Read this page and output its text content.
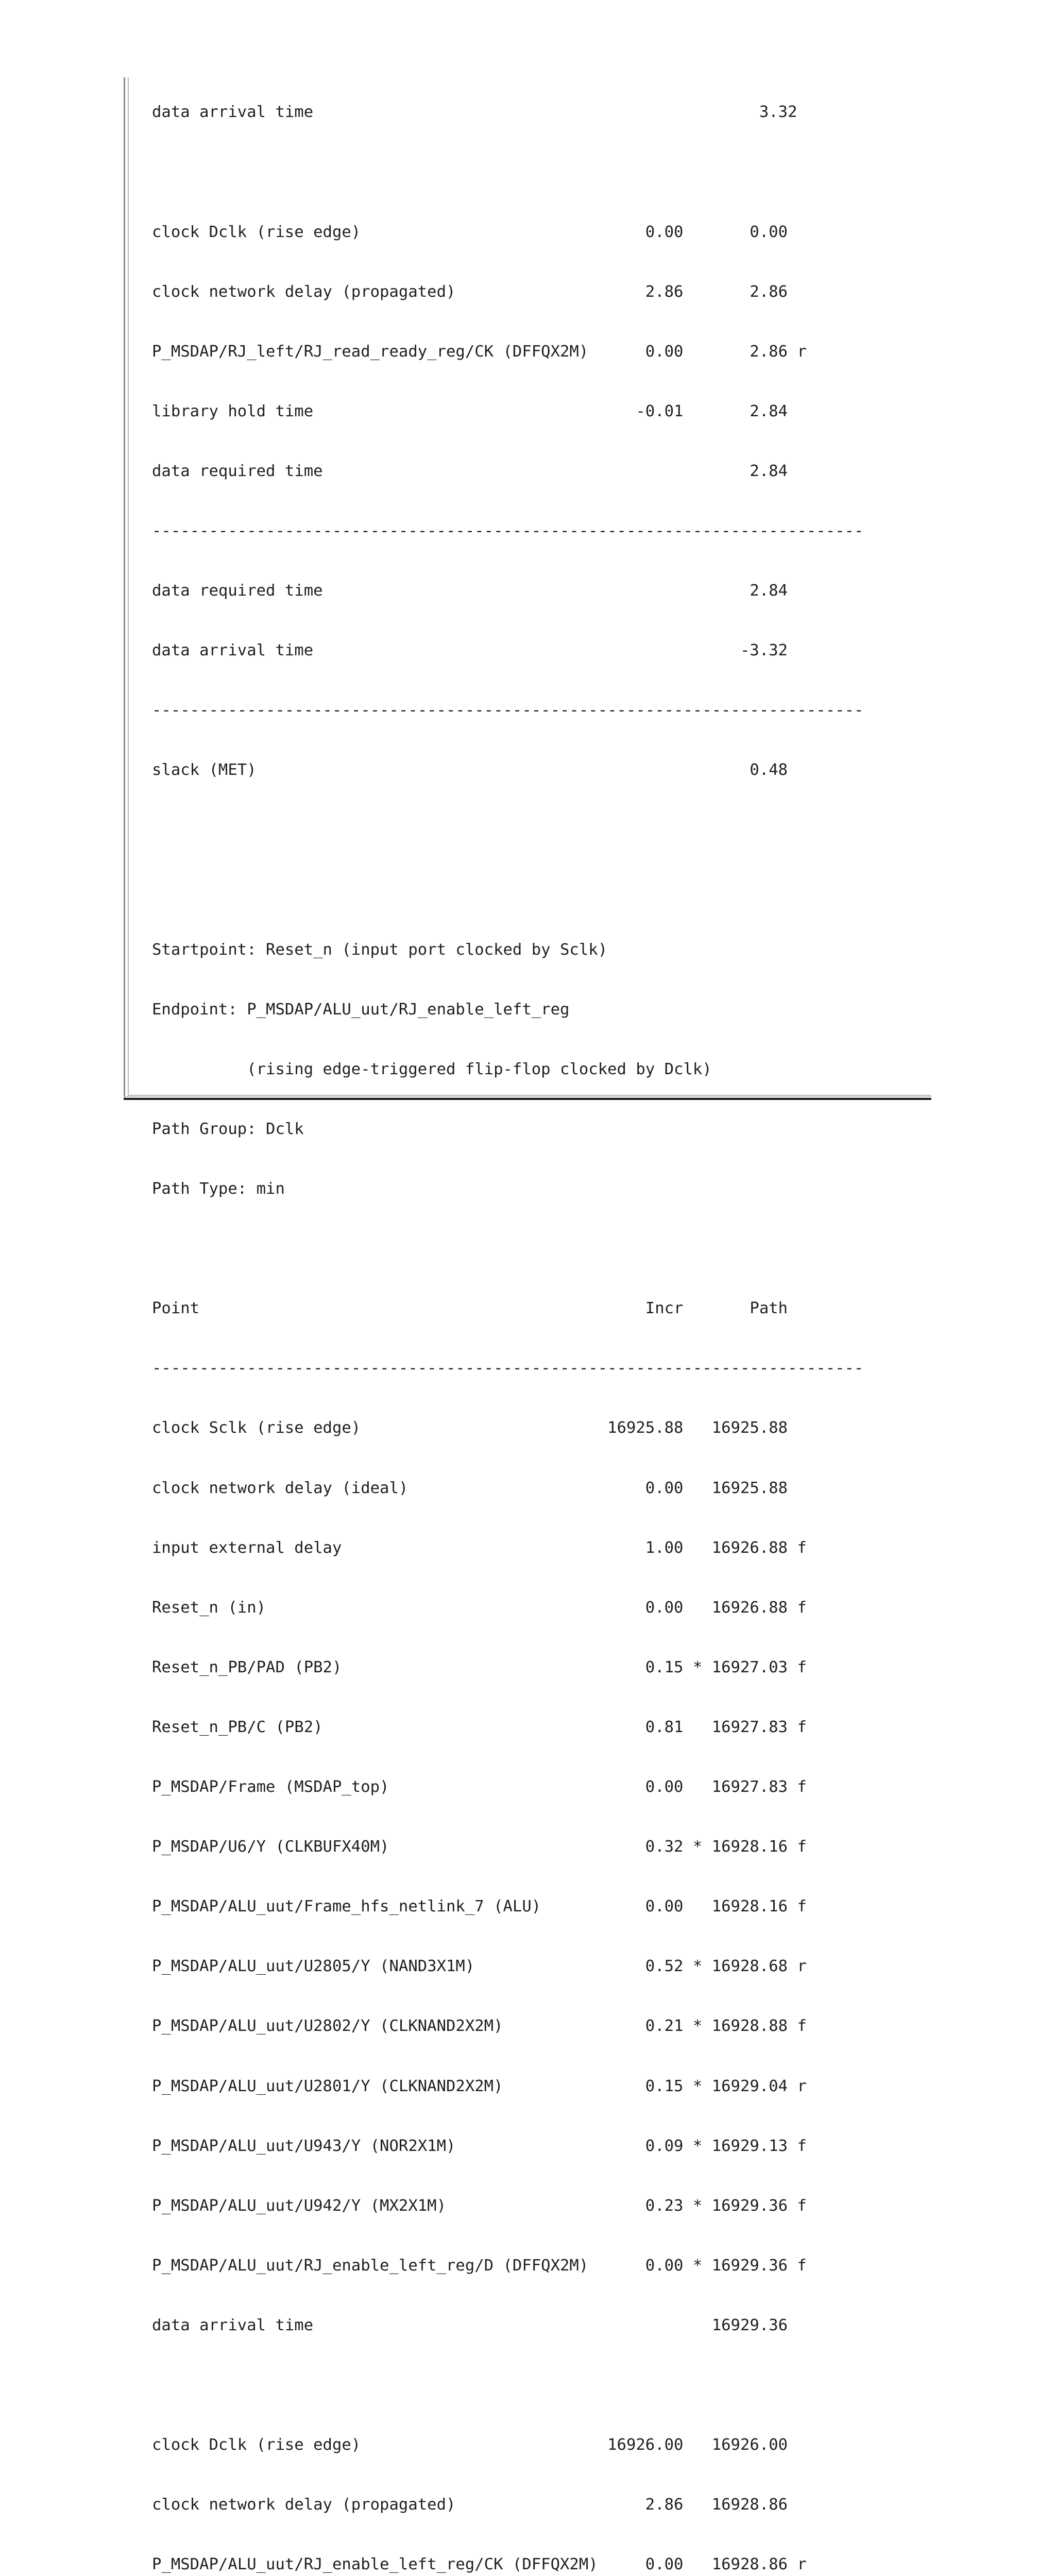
data arrival time                                               3.32

clock Dclk (rise edge)                              0.00       0.00

clock network delay (propagated)                    2.86       2.86

P_MSDAP/RJ_left/RJ_read_ready_reg/CK (DFFQX2M)      0.00       2.86 r

library hold time                                  -0.01       2.84

data required time                                             2.84

---------------------------------------------------------------------------

data required time                                             2.84

data arrival time                                             -3.32

---------------------------------------------------------------------------

slack (MET)                                                    0.48

Startpoint: Reset_n (input port clocked by Sclk)

Endpoint: P_MSDAP/ALU_uut/RJ_enable_left_reg

(rising edge-triggered flip-flop clocked by Dclk)

Path Group: Dclk

Path Type: min

Point                                               Incr       Path

---------------------------------------------------------------------------

clock Sclk (rise edge)                          16925.88   16925.88

clock network delay (ideal)                         0.00   16925.88

input external delay                                1.00   16926.88 f

Reset_n (in)                                        0.00   16926.88 f

Reset_n_PB/PAD (PB2)                                0.15 * 16927.03 f

Reset_n_PB/C (PB2)                                  0.81   16927.83 f

P_MSDAP/Frame (MSDAP_top)                           0.00   16927.83 f

P_MSDAP/U6/Y (CLKBUFX40M)                           0.32 * 16928.16 f

P_MSDAP/ALU_uut/Frame_hfs_netlink_7 (ALU)           0.00   16928.16 f

P_MSDAP/ALU_uut/U2805/Y (NAND3X1M)                  0.52 * 16928.68 r

P_MSDAP/ALU_uut/U2802/Y (CLKNAND2X2M)               0.21 * 16928.88 f

P_MSDAP/ALU_uut/U2801/Y (CLKNAND2X2M)               0.15 * 16929.04 r

P_MSDAP/ALU_uut/U943/Y (NOR2X1M)                    0.09 * 16929.13 f

P_MSDAP/ALU_uut/U942/Y (MX2X1M)                     0.23 * 16929.36 f

P_MSDAP/ALU_uut/RJ_enable_left_reg/D (DFFQX2M)      0.00 * 16929.36 f

data arrival time                                          16929.36

clock Dclk (rise edge)                          16926.00   16926.00

clock network delay (propagated)                    2.86   16928.86

P_MSDAP/ALU_uut/RJ_enable_left_reg/CK (DFFQX2M)     0.00   16928.86 r
